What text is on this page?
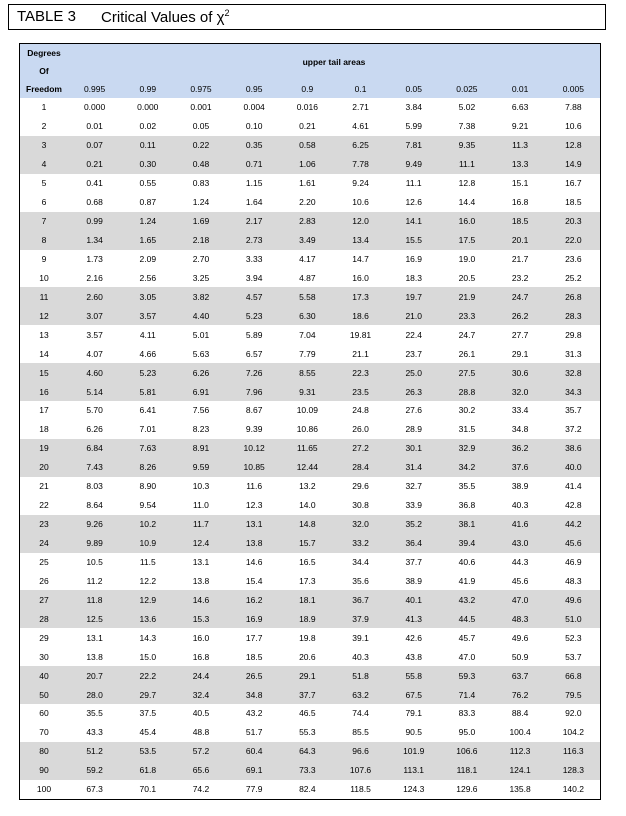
TABLE 3 Critical Values of $\chi^2$
Degrees	upper tail areas									
Of										
Freedom	0.995	0.99	0.975	0.95	0.9	0.1	0.05	0.025	0.01	0.005
1	0.000	0.000	0.001	0.004	0.016	2.71	3.84	5.02	6.63	7.88
2	0.01	0.02	0.05	0.10	0.21	4.61	5.99	7.38	9.21	10.6
3	0.07	0.11	0.22	0.35	0.58	6.25	7.81	9.35	11.3	12.8
4	0.21	0.30	0.48	0.71	1.06	7.78	9.49	11.1	13.3	14.9
5	0.41	0.55	0.83	1.15	1.61	9.24	11.1	12.8	15.1	16.7
6	0.68	0.87	1.24	1.64	2.20	10.6	12.6	14.4	16.8	18.5
7	0.99	1.24	1.69	2.17	2.83	12.0	14.1	16.0	18.5	20.3
8	1.34	1.65	2.18	2.73	3.49	13.4	15.5	17.5	20.1	22.0
9	1.73	2.09	2.70	3.33	4.17	14.7	16.9	19.0	21.7	23.6
10	2.16	2.56	3.25	3.94	4.87	16.0	18.3	20.5	23.2	25.2
11	2.60	3.05	3.82	4.57	5.58	17.3	19.7	21.9	24.7	26.8
12	3.07	3.57	4.40	5.23	6.30	18.6	21.0	23.3	26.2	28.3
13	3.57	4.11	5.01	5.89	7.04	19.81	22.4	24.7	27.7	29.8
14	4.07	4.66	5.63	6.57	7.79	21.1	23.7	26.1	29.1	31.3
15	4.60	5.23	6.26	7.26	8.55	22.3	25.0	27.5	30.6	32.8
16	5.14	5.81	6.91	7.96	9.31	23.5	26.3	28.8	32.0	34.3
17	5.70	6.41	7.56	8.67	10.09	24.8	27.6	30.2	33.4	35.7
18	6.26	7.01	8.23	9.39	10.86	26.0	28.9	31.5	34.8	37.2
19	6.84	7.63	8.91	10.12	11.65	27.2	30.1	32.9	36.2	38.6
20	7.43	8.26	9.59	10.85	12.44	28.4	31.4	34.2	37.6	40.0
21	8.03	8.90	10.3	11.6	13.2	29.6	32.7	35.5	38.9	41.4
22	8.64	9.54	11.0	12.3	14.0	30.8	33.9	36.8	40.3	42.8
23	9.26	10.2	11.7	13.1	14.8	32.0	35.2	38.1	41.6	44.2
24	9.89	10.9	12.4	13.8	15.7	33.2	36.4	39.4	43.0	45.6
25	10.5	11.5	13.1	14.6	16.5	34.4	37.7	40.6	44.3	46.9
26	11.2	12.2	13.8	15.4	17.3	35.6	38.9	41.9	45.6	48.3
27	11.8	12.9	14.6	16.2	18.1	36.7	40.1	43.2	47.0	49.6
28	12.5	13.6	15.3	16.9	18.9	37.9	41.3	44.5	48.3	51.0
29	13.1	14.3	16.0	17.7	19.8	39.1	42.6	45.7	49.6	52.3
30	13.8	15.0	16.8	18.5	20.6	40.3	43.8	47.0	50.9	53.7
40	20.7	22.2	24.4	26.5	29.1	51.8	55.8	59.3	63.7	66.8
50	28.0	29.7	32.4	34.8	37.7	63.2	67.5	71.4	76.2	79.5
60	35.5	37.5	40.5	43.2	46.5	74.4	79.1	83.3	88.4	92.0
70	43.3	45.4	48.8	51.7	55.3	85.5	90.5	95.0	100.4	104.2
80	51.2	53.5	57.2	60.4	64.3	96.6	101.9	106.6	112.3	116.3
90	59.2	61.8	65.6	69.1	73.3	107.6	113.1	118.1	124.1	128.3
100	67.3	70.1	74.2	77.9	82.4	118.5	124.3	129.6	135.8	140.2
